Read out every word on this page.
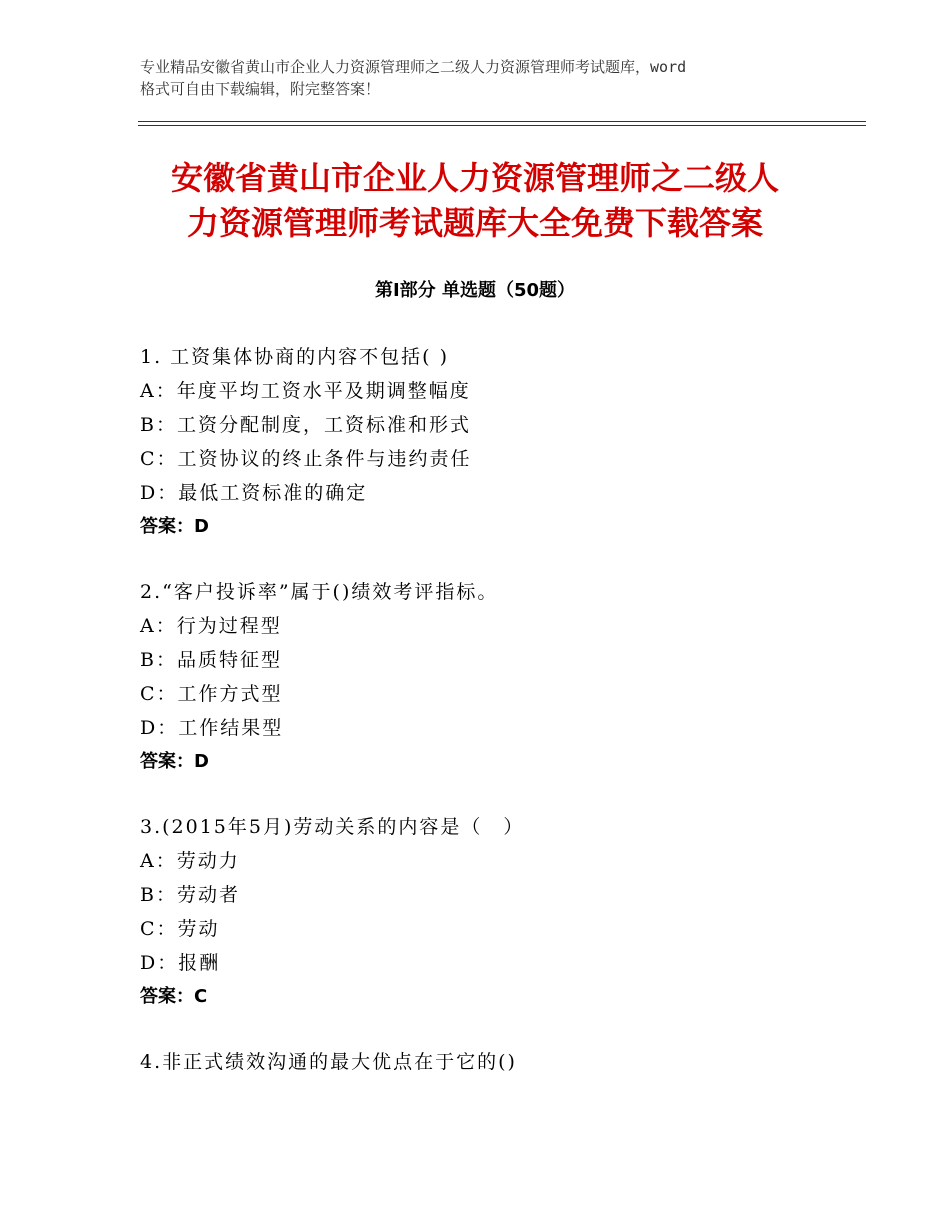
专业精品安徽省黄山市企业人力资源管理师之二级人力资源管理师考试题库，word
格式可自由下载编辑，附完整答案！
安徽省黄山市企业人力资源管理师之二级人
力资源管理师考试题库大全免费下载答案
第Ⅰ部分 单选题（50题）
1. 工资集体协商的内容不包括( )
A：年度平均工资水平及期调整幅度
B：工资分配制度，工资标准和形式
C：工资协议的终止条件与违约责任
D：最低工资标准的确定
答案：D
2.“客户投诉率”属于()绩效考评指标。
A：行为过程型
B：品质特征型
C：工作方式型
D：工作结果型
答案：D
3.(2015年5月)劳动关系的内容是（　）
A：劳动力
B：劳动者
C：劳动
D：报酬
答案：C
4.非正式绩效沟通的最大优点在于它的()
